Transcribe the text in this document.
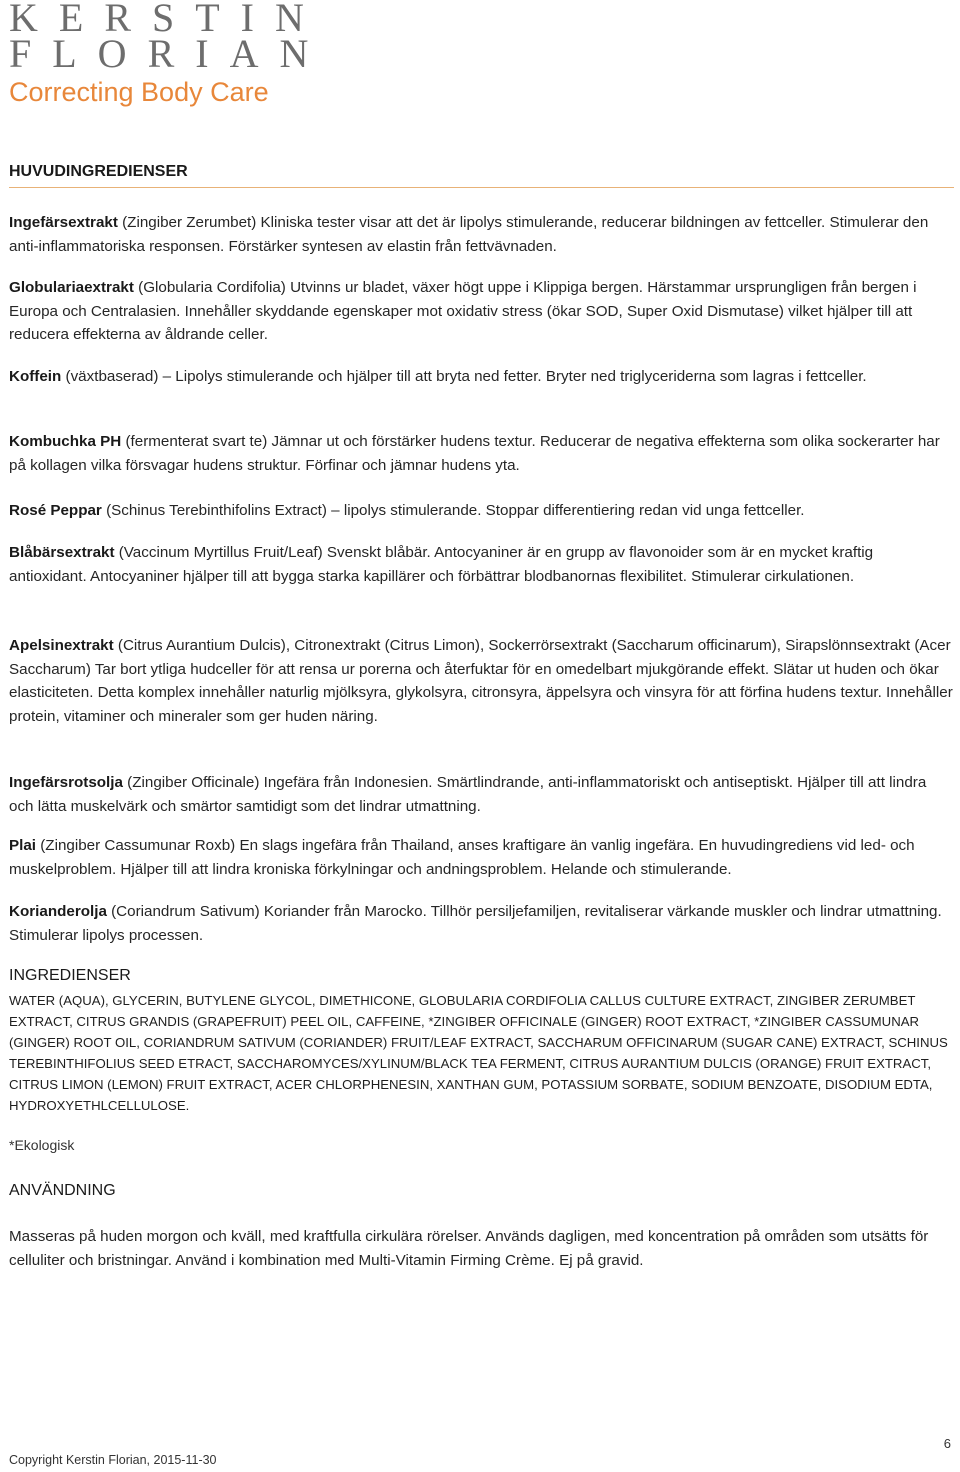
KERSTIN
FLORIAN
Correcting Body Care
HUVUDINGREDIENSER
Ingefärsextrakt (Zingiber Zerumbet) Kliniska tester visar att det är lipolys stimulerande, reducerar bildningen av fettceller. Stimulerar den anti-inflammatoriska responsen. Förstärker syntesen av elastin från fettvävnaden.
Globulariaextrakt (Globularia Cordifolia) Utvinns ur bladet, växer högt uppe i Klippiga bergen. Härstammar ursprungligen från bergen i Europa och Centralasien. Innehåller skyddande egenskaper mot oxidativ stress (ökar SOD, Super Oxid Dismutase) vilket hjälper till att reducera effekterna av åldrande celler.
Koffein (växtbaserad) – Lipolys stimulerande och hjälper till att bryta ned fetter. Bryter ned triglyceriderna som lagras i fettceller.
Kombuchka PH (fermenterat svart te) Jämnar ut och förstärker hudens textur. Reducerar de negativa effekterna som olika sockerarter har på kollagen vilka försvagar hudens struktur. Förfinar och jämnar hudens yta.
Rosé Peppar (Schinus Terebinthifolins Extract) – lipolys stimulerande. Stoppar differentiering redan vid unga fettceller.
Blåbärsextrakt (Vaccinum Myrtillus Fruit/Leaf) Svenskt blåbär. Antocyaniner är en grupp av flavonoider som är en mycket kraftig antioxidant. Antocyaniner hjälper till att bygga starka kapillärer och förbättrar blodbanornas flexibilitet. Stimulerar cirkulationen.
Apelsinextrakt (Citrus Aurantium Dulcis), Citronextrakt (Citrus Limon), Sockerrörsextrakt (Saccharum officinarum), Sirapslönnsextrakt (Acer Saccharum) Tar bort ytliga hudceller för att rensa ur porerna och återfuktar för en omedelbart mjukgörande effekt. Slätar ut huden och ökar elasticiteten. Detta komplex innehåller naturlig mjölksyra, glykolsyra, citronsyra, äppelsyra och vinsyra för att förfina hudens textur. Innehåller protein, vitaminer och mineraler som ger huden näring.
Ingefärsrotsolja (Zingiber Officinale) Ingefära från Indonesien. Smärtlindrande, anti-inflammatoriskt och antiseptiskt. Hjälper till att lindra och lätta muskelvärk och smärtor samtidigt som det lindrar utmattning.
Plai (Zingiber Cassumunar Roxb) En slags ingefära från Thailand, anses kraftigare än vanlig ingefära. En huvudingrediens vid led- och muskelproblem. Hjälper till att lindra kroniska förkylningar och andningsproblem. Helande och stimulerande.
Korianderolja (Coriandrum Sativum) Koriander från Marocko. Tillhör persiljefamiljen, revitaliserar värkande muskler och lindrar utmattning. Stimulerar lipolys processen.
INGREDIENSER
WATER (AQUA), GLYCERIN, BUTYLENE GLYCOL, DIMETHICONE, GLOBULARIA CORDIFOLIA CALLUS CULTURE EXTRACT, ZINGIBER ZERUMBET EXTRACT, CITRUS GRANDIS (GRAPEFRUIT) PEEL OIL, CAFFEINE, *ZINGIBER OFFICINALE (GINGER) ROOT EXTRACT, *ZINGIBER CASSUMUNAR (GINGER) ROOT OIL, CORIANDRUM SATIVUM (CORIANDER) FRUIT/LEAF EXTRACT, SACCHARUM OFFICINARUM (SUGAR CANE) EXTRACT, SCHINUS TEREBINTHIFOLIUS SEED ETRACT, SACCHAROMYCES/XYLINUM/BLACK TEA FERMENT, CITRUS AURANTIUM DULCIS (ORANGE) FRUIT EXTRACT, CITRUS LIMON (LEMON) FRUIT EXTRACT, ACER CHLORPHENESIN, XANTHAN GUM, POTASSIUM SORBATE, SODIUM BENZOATE, DISODIUM EDTA, HYDROXYETHLCELLULOSE.
*Ekologisk
ANVÄNDNING
Masseras på huden morgon och kväll, med kraftfulla cirkulära rörelser. Används dagligen, med koncentration på områden som utsätts för celluliter och bristningar. Använd i kombination med Multi-Vitamin Firming Crème. Ej på gravid.
6
Copyright Kerstin Florian, 2015-11-30
